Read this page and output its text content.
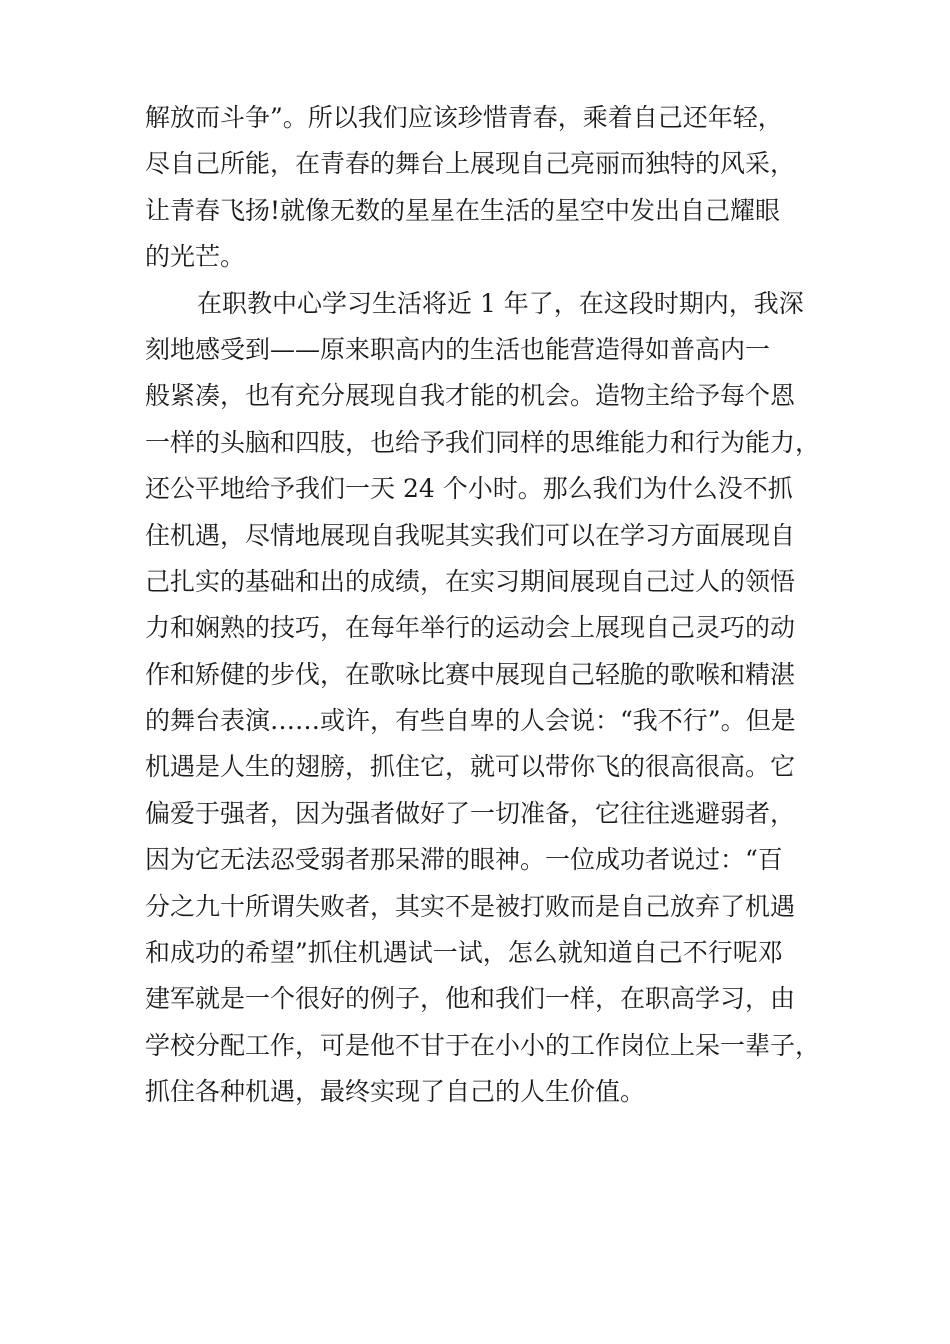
解放而斗争”。所以我们应该珍惜青春，乘着自己还年轻，
尽自己所能，在青春的舞台上展现自己亮丽而独特的风采，
让青春飞扬!就像无数的星星在生活的星空中发出自己耀眼
的光芒。
在职教中心学习生活将近 1 年了，在这段时期内，我深
刻地感受到——原来职高内的生活也能营造得如普高内一
般紧凑，也有充分展现自我才能的机会。造物主给予每个恩
一样的头脑和四肢，也给予我们同样的思维能力和行为能力，
还公平地给予我们一天 24 个小时。那么我们为什么没不抓
住机遇，尽情地展现自我呢其实我们可以在学习方面展现自
己扎实的基础和出的成绩，在实习期间展现自己过人的领悟
力和娴熟的技巧，在每年举行的运动会上展现自己灵巧的动
作和矫健的步伐，在歌咏比赛中展现自己轻脆的歌喉和精湛
的舞台表演……或许，有些自卑的人会说：“我不行”。但是
机遇是人生的翅膀，抓住它，就可以带你飞的很高很高。它
偏爱于强者，因为强者做好了一切准备，它往往逃避弱者，
因为它无法忍受弱者那呆滞的眼神。一位成功者说过：“百
分之九十所谓失败者，其实不是被打败而是自己放弃了机遇
和成功的希望”抓住机遇试一试，怎么就知道自己不行呢邓
建军就是一个很好的例子，他和我们一样，在职高学习，由
学校分配工作，可是他不甘于在小小的工作岗位上呆一辈子，
抓住各种机遇，最终实现了自己的人生价值。
